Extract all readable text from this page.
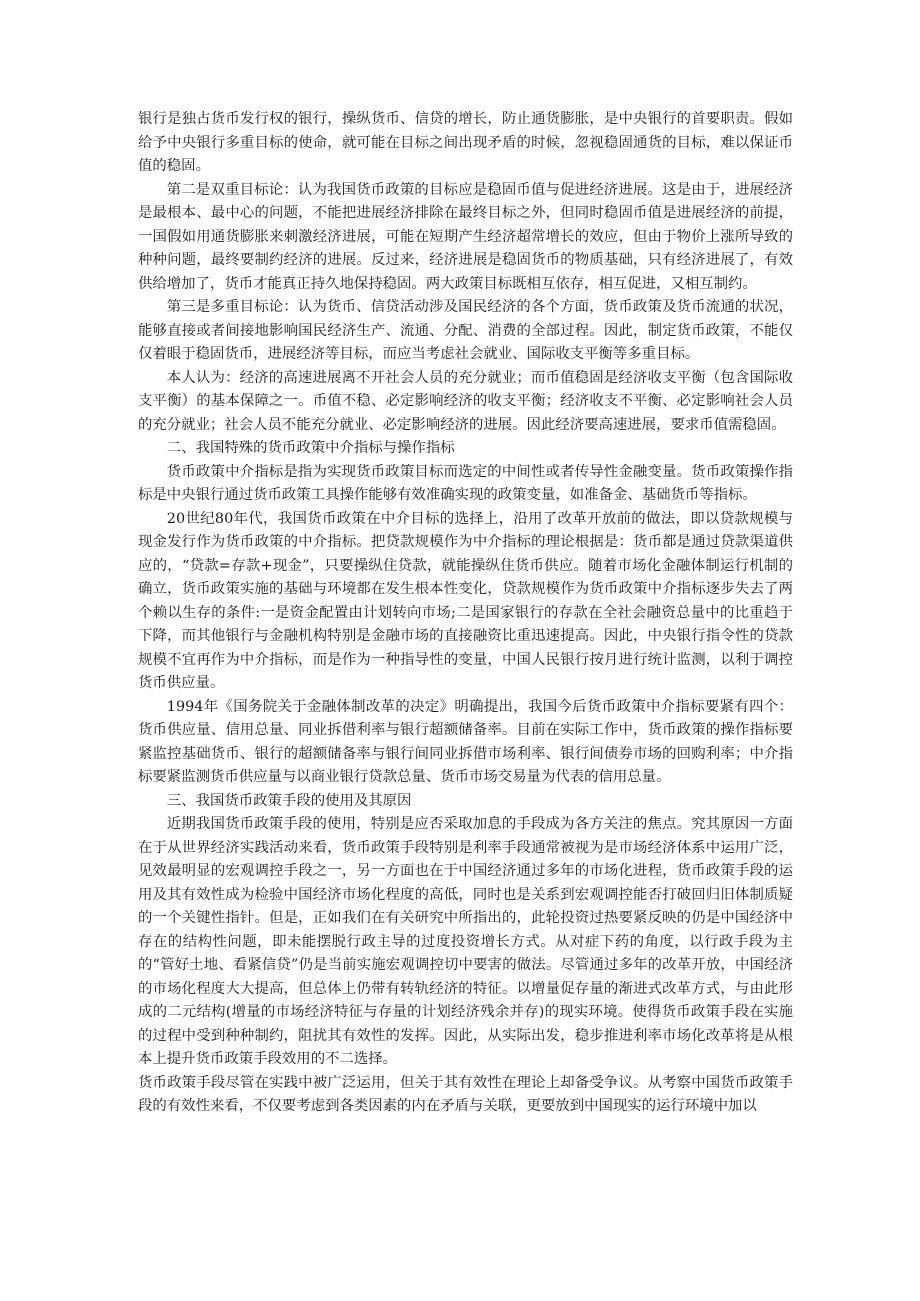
银行是独占货币发行权的银行，操纵货币、信贷的增长，防止通货膨胀，是中央银行的首要职责。假如给予中央银行多重目标的使命，就可能在目标之间出现矛盾的时候，忽视稳固通货的目标，难以保证币值的稳固。

第二是双重目标论：认为我国货币政策的目标应是稳固币值与促进经济进展。这是由于，进展经济是最根本、最中心的问题，不能把进展经济排除在最终目标之外，但同时稳固币值是进展经济的前提，一国假如用通货膨胀来刺激经济进展，可能在短期产生经济超常增长的效应，但由于物价上涨所导致的种种问题，最终要制约经济的进展。反过来，经济进展是稳固货币的物质基础，只有经济进展了，有效供给增加了，货币才能真正持久地保持稳固。两大政策目标既相互依存，相互促进，又相互制约。

第三是多重目标论：认为货币、信贷活动涉及国民经济的各个方面，货币政策及货币流通的状况，能够直接或者间接地影响国民经济生产、流通、分配、消费的全部过程。因此，制定货币政策，不能仅仅着眼于稳固货币，进展经济等目标，而应当考虑社会就业、国际收支平衡等多重目标。

本人认为：经济的高速进展离不开社会人员的充分就业；而币值稳固是经济收支平衡（包含国际收支平衡）的基本保障之一。币值不稳、必定影响经济的收支平衡；经济收支不平衡、必定影响社会人员的充分就业；社会人员不能充分就业、必定影响经济的进展。因此经济要高速进展，要求币值需稳固。

二、我国特殊的货币政策中介指标与操作指标

货币政策中介指标是指为实现货币政策目标而选定的中间性或者传导性金融变量。货币政策操作指标是中央银行通过货币政策工具操作能够有效准确实现的政策变量，如准备金、基础货币等指标。

20世纪80年代，我国货币政策在中介目标的选择上，沿用了改革开放前的做法，即以贷款规模与现金发行作为货币政策的中介指标。把贷款规模作为中介指标的理论根据是：货币都是通过贷款渠道供应的，“贷款=存款+现金”，只要操纵住贷款，就能操纵住货币供应。随着市场化金融体制运行机制的确立，货币政策实施的基础与环境都在发生根本性变化，贷款规模作为货币政策中介指标逐步失去了两个赖以生存的条件:一是资金配置由计划转向市场;二是国家银行的存款在全社会融资总量中的比重趋于下降，而其他银行与金融机构特别是金融市场的直接融资比重迅速提高。因此，中央银行指令性的贷款规模不宜再作为中介指标，而是作为一种指导性的变量，中国人民银行按月进行统计监测，以利于调控货币供应量。

1994年《国务院关于金融体制改革的决定》明确提出，我国今后货币政策中介指标要紧有四个：货币供应量、信用总量、同业拆借利率与银行超额储备率。目前在实际工作中，货币政策的操作指标要紧监控基础货币、银行的超额储备率与银行间同业拆借市场利率、银行间债券市场的回购利率；中介指标要紧监测货币供应量与以商业银行贷款总量、货币市场交易量为代表的信用总量。

三、我国货币政策手段的使用及其原因

近期我国货币政策手段的使用，特别是应否采取加息的手段成为各方关注的焦点。究其原因一方面在于从世界经济实践活动来看，货币政策手段特别是利率手段通常被视为是市场经济体系中运用广泛，见效最明显的宏观调控手段之一，另一方面也在于中国经济通过多年的市场化进程，货币政策手段的运用及其有效性成为检验中国经济市场化程度的高低，同时也是关系到宏观调控能否打破回归旧体制质疑的一个关键性指针。但是，正如我们在有关研究中所指出的，此轮投资过热要紧反映的仍是中国经济中存在的结构性问题，即未能摆脱行政主导的过度投资增长方式。从对症下药的角度，以行政手段为主的“管好土地、看紧信贷”仍是当前实施宏观调控切中要害的做法。尽管通过多年的改革开放，中国经济的市场化程度大大提高，但总体上仍带有转轨经济的特征。以增量促存量的渐进式改革方式，与由此形成的二元结构(增量的市场经济特征与存量的计划经济残余并存)的现实环境。使得货币政策手段在实施的过程中受到种种制约，阻扰其有效性的发挥。因此，从实际出发，稳步推进利率市场化改革将是从根本上提升货币政策手段效用的不二选择。

货币政策手段尽管在实践中被广泛运用，但关于其有效性在理论上却备受争议。从考察中国货币政策手段的有效性来看，不仅要考虑到各类因素的内在矛盾与关联，更要放到中国现实的运行环境中加以
